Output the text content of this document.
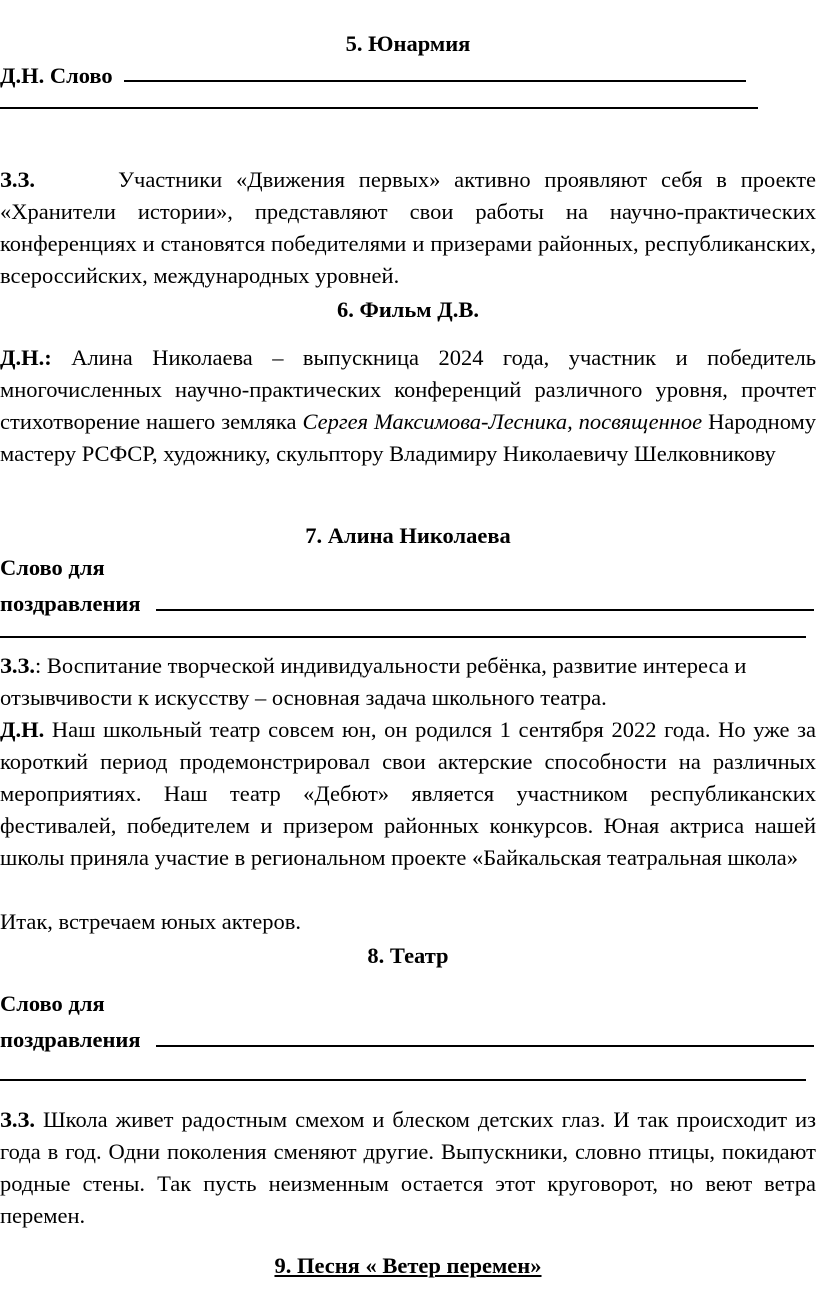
5. Юнармия
Д.Н. Слово
З.З.	Участники «Движения первых» активно проявляют себя в проекте «Хранители истории», представляют свои работы на научно-практических конференциях и становятся победителями и призерами районных, республиканских, всероссийских, международных уровней.
6. Фильм Д.В.
Д.Н.: Алина Николаева – выпускница 2024 года, участник и победитель многочисленных научно-практических конференций различного уровня, прочтет стихотворение нашего земляка Сергея Максимова-Лесника, посвященное Народному мастеру РСФСР, художнику, скульптору Владимиру Николаевичу Шелковникову
7. Алина Николаева
Слово для
поздравления
З.З.: Воспитание творческой индивидуальности ребёнка, развитие интереса и отзывчивости к искусству – основная задача школьного театра.
Д.Н. Наш школьный театр совсем юн, он родился 1 сентября 2022 года. Но уже за короткий период продемонстрировал свои актерские способности на различных мероприятиях. Наш театр «Дебют» является участником республиканских фестивалей, победителем и призером районных конкурсов. Юная актриса нашей школы приняла участие в региональном проекте «Байкальская театральная школа»
Итак, встречаем юных актеров.
8. Театр
Слово для
поздравления
З.З. Школа живет радостным смехом и блеском детских глаз. И так происходит из года в год. Одни поколения сменяют другие. Выпускники, словно птицы, покидают родные стены. Так пусть неизменным остается этот круговорот, но веют ветра перемен.
9. Песня « Ветер перемен»
